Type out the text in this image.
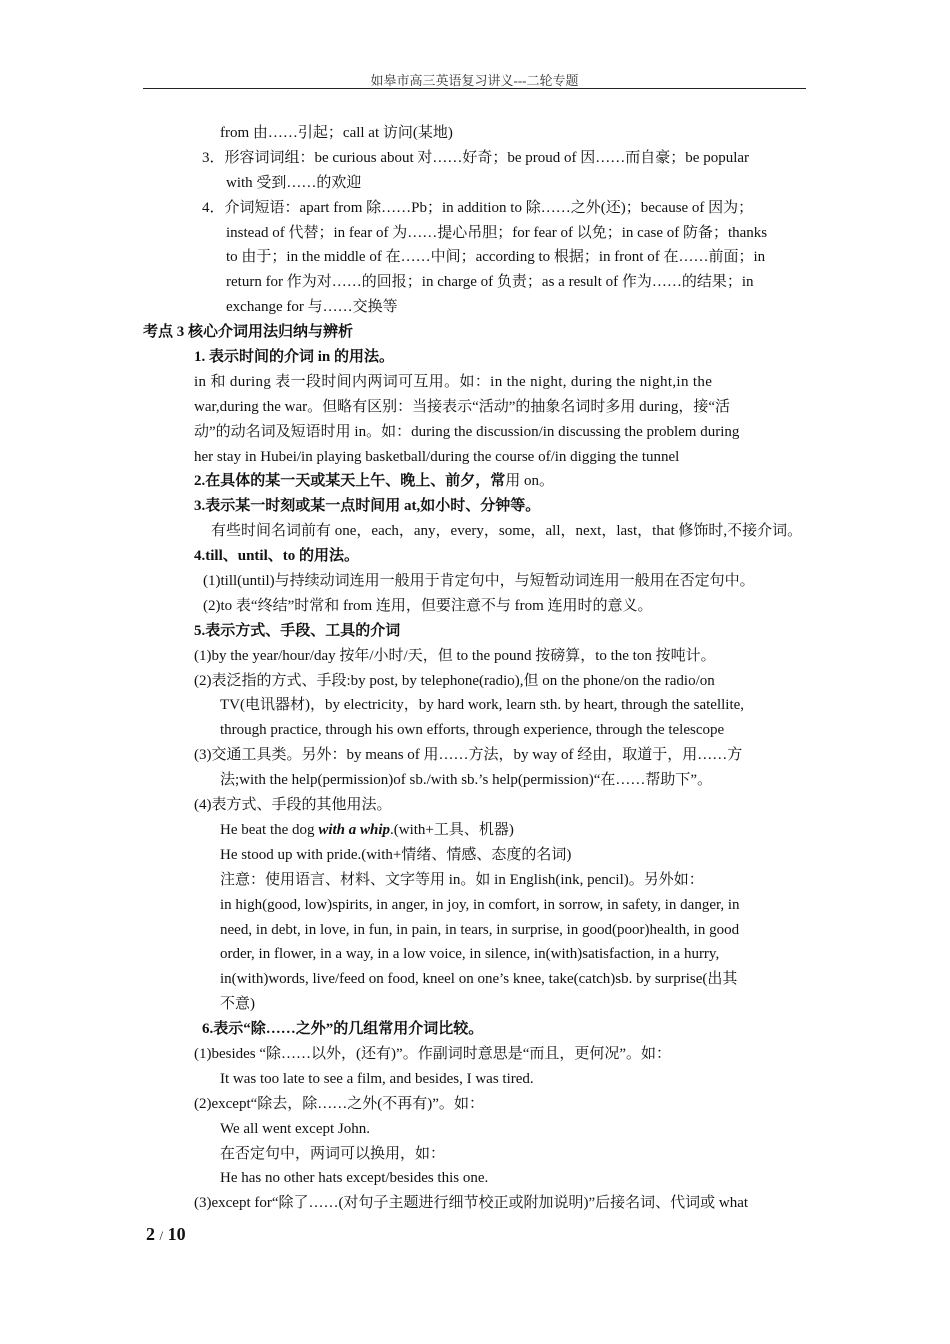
如皋市高三英语复习讲义---二轮专题
from 由……引起；call at 访问(某地)
3．形容词词组：be curious about 对……好奇；be proud of 因……而自豪；be popular
with 受到……的欢迎
4．介词短语：apart from 除……Pb；in addition to 除……之外(还)；because of 因为；
instead of 代替；in fear of 为……提心吊胆；for fear of 以免；in case of 防备；thanks
to 由于；in the middle of 在……中间；according to 根据；in front of 在……前面；in
return for 作为对……的回报；in charge of 负责；as a result of 作为……的结果；in
exchange for 与……交换等
考点 3 核心介词用法归纳与辨析
1. 表示时间的介词 in 的用法。
in 和 during 表一段时间内两词可互用。如：in the night, during the night,in the
war,during the war。但略有区别：当接表示“活动”的抽象名词时多用 during，接“活
动”的动名词及短语时用 in。如：during the discussion/in discussing the problem during
her stay in Hubei/in playing basketball/during the course of/in digging the tunnel
2.在具体的某一天或某天上午、晚上、前夕，常用 on。
3.表示某一时刻或某一点时间用 at,如小时、分钟等。
有些时间名词前有 one，each，any，every，some，all，next，last，that 修饰时,不接介词。
4.till、until、to 的用法。
(1)till(until)与持续动词连用一般用于肯定句中，与短暂动词连用一般用在否定句中。
(2)to 表“终结”时常和 from 连用，但要注意不与 from 连用时的意义。
5.表示方式、手段、工具的介词
(1)by the year/hour/day 按年/小时/天，但 to the pound 按磅算，to the ton 按吨计。
(2)表泛指的方式、手段:by post, by telephone(radio),但 on the phone/on the radio/on
TV(电讯器材)，by electricity，by hard work, learn sth. by heart, through the satellite,
through practice, through his own efforts, through experience, through the telescope
(3)交通工具类。另外：by means of 用……方法，by way of 经由，取道于，用……方
法;with the help(permission)of sb./with sb.’s help(permission)“在……帮助下”。
(4)表方式、手段的其他用法。
He beat the dog with a whip.(with+工具、机器)
He stood up with pride.(with+情绪、情感、态度的名词)
注意：使用语言、材料、文字等用 in。如 in English(ink, pencil)。另外如：
in high(good, low)spirits, in anger, in joy, in comfort, in sorrow, in safety, in danger, in
need, in debt, in love, in fun, in pain, in tears, in surprise, in good(poor)health, in good
order, in flower, in a way, in a low voice, in silence, in(with)satisfaction, in a hurry,
in(with)words, live/feed on food, kneel on one’s knee, take(catch)sb. by surprise(出其
不意)
6.表示“除……之外”的几组常用介词比较。
(1)besides “除……以外，(还有)”。作副词时意思是“而且，更何况”。如：
It was too late to see a film, and besides, I was tired.
(2)except“除去，除……之外(不再有)”。如：
We all went except John.
在否定句中，两词可以换用，如：
He has no other hats except/besides this one.
(3)except for“除了……(对句子主题进行细节校正或附加说明)”后接名词、代词或 what
2 / 10
